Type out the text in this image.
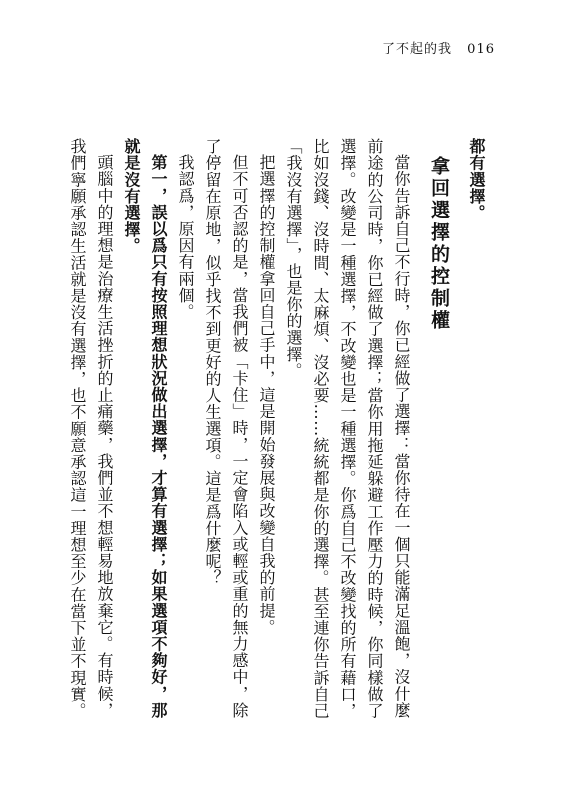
了不起的我 016

都有選擇。

拿回選擇的控制權

當你告訴自己不行時，你已經做了選擇：當你待在一個只能滿足溫飽，沒什麼前途的公司時，你已經做了選擇；當你用拖延躲避工作壓力的時候，你同樣做了選擇。改變是一種選擇，不改變也是一種選擇。你爲自己不改變找的所有藉口，比如沒錢、沒時間、太麻煩、沒必要……統統都是你的選擇。甚至連你告訴自己「我沒有選擇」，也是你的選擇。

把選擇的控制權拿回自己手中，這是開始發展與改變自我的前提。

但不可否認的是，當我們被「卡住」時，一定會陷入或輕或重的無力感中，除了停留在原地，似乎找不到更好的人生選項。這是爲什麼呢？

我認爲，原因有兩個。

第一，誤以爲只有按照理想狀況做出選擇，才算有選擇；如果選項不夠好，那就是沒有選擇。

頭腦中的理想是治療生活挫折的止痛藥，我們並不想輕易地放棄它。有時候，我們寧願承認生活就是沒有選擇，也不願意承認這一理想至少在當下並不現實。
